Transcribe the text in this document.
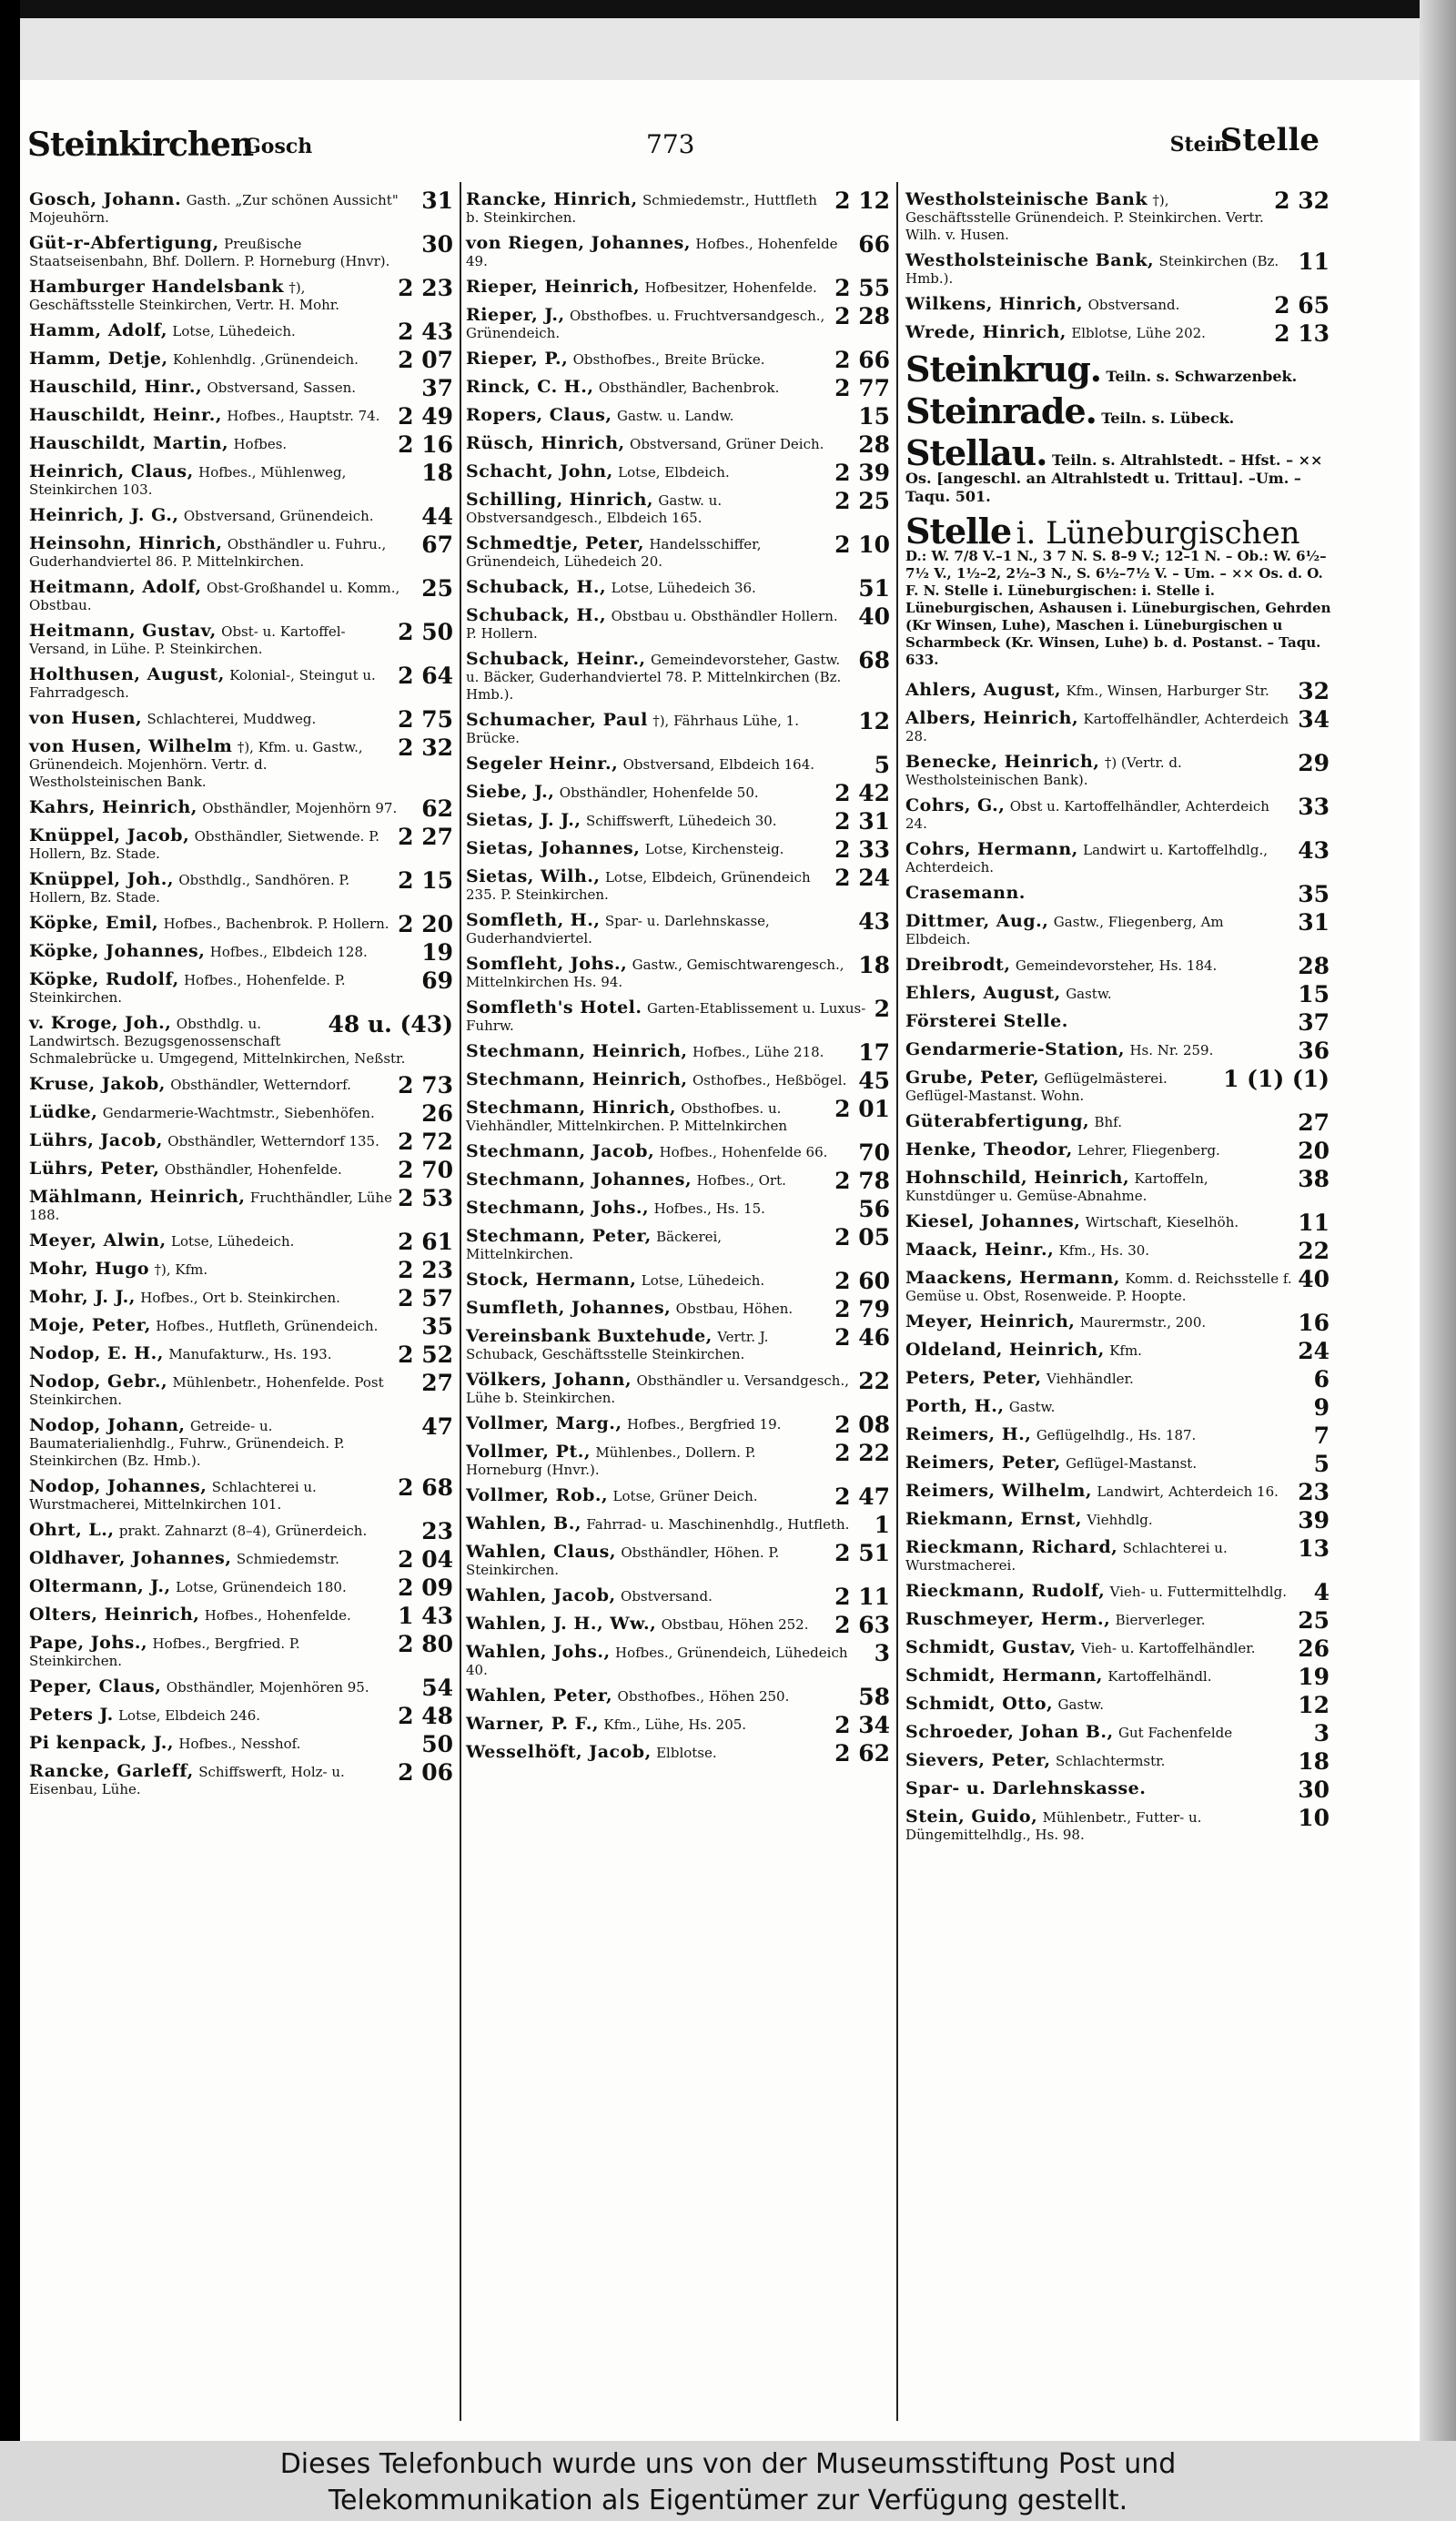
Steinkirchen
Gosch	773	Stein
Stelle
31
Gosch, Johann. Gasth. „Zur schönen Aussicht" Mojeuhörn.
30
Güt-r-Abfertigung, Preußische Staatseisenbahn, Bhf. Dollern. P. Horneburg (Hnvr).
2 23
Hamburger Handelsbank †), Geschäftsstelle Steinkirchen, Vertr. H. Mohr.
2 43
Hamm, Adolf, Lotse, Lühedeich.
2 07
Hamm, Detje, Kohlenhdlg. ,Grünendeich.
37
Hauschild, Hinr., Obstversand, Sassen.
2 49
Hauschildt, Heinr., Hofbes., Hauptstr. 74.
2 16
Hauschildt, Martin, Hofbes.
18
Heinrich, Claus, Hofbes., Mühlenweg, Steinkirchen 103.
44
Heinrich, J. G., Obstversand, Grünendeich.
67
Heinsohn, Hinrich, Obsthändler u. Fuhru., Guderhandviertel 86. P. Mittelnkirchen.
25
Heitmann, Adolf, Obst-Großhandel u. Komm., Obstbau.
2 50
Heitmann, Gustav, Obst- u. Kartoffel-Versand, in Lühe. P. Steinkirchen.
2 64
Holthusen, August, Kolonial-, Steingut u. Fahrradgesch.
2 75
von Husen, Schlachterei, Muddweg.
2 32
von Husen, Wilhelm †), Kfm. u. Gastw., Grünendeich. Mojenhörn. Vertr. d. Westholsteinischen Bank.
62
Kahrs, Heinrich, Obsthändler, Mojenhörn 97.
2 27
Knüppel, Jacob, Obsthändler, Sietwende. P. Hollern, Bz. Stade.
2 15
Knüppel, Joh., Obsthdlg., Sandhören. P. Hollern, Bz. Stade.
2 20
Köpke, Emil, Hofbes., Bachenbrok. P. Hollern.
19
Köpke, Johannes, Hofbes., Elbdeich 128.
69
Köpke, Rudolf, Hofbes., Hohenfelde. P. Steinkirchen.
48 u. (43)
v. Kroge, Joh., Obsthdlg. u. Landwirtsch. Bezugsgenossenschaft Schmalebrücke u. Umgegend, Mittelnkirchen, Neßstr.
2 73
Kruse, Jakob, Obsthändler, Wetterndorf.
26
Lüdke, Gendarmerie-Wachtmstr., Siebenhöfen.
2 72
Lührs, Jacob, Obsthändler, Wetterndorf 135.
2 70
Lührs, Peter, Obsthändler, Hohenfelde.
2 53
Mählmann, Heinrich, Fruchthändler, Lühe 188.
2 61
Meyer, Alwin, Lotse, Lühedeich.
2 23
Mohr, Hugo †), Kfm.
2 57
Mohr, J. J., Hofbes., Ort b. Steinkirchen.
35
Moje, Peter, Hofbes., Hutfleth, Grünendeich.
2 52
Nodop, E. H., Manufakturw., Hs. 193.
27
Nodop, Gebr., Mühlenbetr., Hohenfelde. Post Steinkirchen.
47
Nodop, Johann, Getreide- u. Baumaterialienhdlg., Fuhrw., Grünendeich. P. Steinkirchen (Bz. Hmb.).
2 68
Nodop, Johannes, Schlachterei u. Wurstmacherei, Mittelnkirchen 101.
23
Ohrt, L., prakt. Zahnarzt (8–4), Grünerdeich.
2 04
Oldhaver, Johannes, Schmiedemstr.
2 09
Oltermann, J., Lotse, Grünendeich 180.
1 43
Olters, Heinrich, Hofbes., Hohenfelde.
2 80
Pape, Johs., Hofbes., Bergfried. P. Steinkirchen.
54
Peper, Claus, Obsthändler, Mojenhören 95.
2 48
Peters J. Lotse, Elbdeich 246.
50
Pi kenpack, J., Hofbes., Nesshof.
2 06
Rancke, Garleff, Schiffswerft, Holz- u. Eisenbau, Lühe.
2 12
Rancke, Hinrich, Schmiedemstr., Huttfleth b. Steinkirchen.
66
von Riegen, Johannes, Hofbes., Hohenfelde 49.
2 55
Rieper, Heinrich, Hofbesitzer, Hohenfelde.
2 28
Rieper, J., Obsthofbes. u. Fruchtversandgesch., Grünendeich.
2 66
Rieper, P., Obsthofbes., Breite Brücke.
2 77
Rinck, C. H., Obsthändler, Bachenbrok.
15
Ropers, Claus, Gastw. u. Landw.
28
Rüsch, Hinrich, Obstversand, Grüner Deich.
2 39
Schacht, John, Lotse, Elbdeich.
2 25
Schilling, Hinrich, Gastw. u. Obstversandgesch., Elbdeich 165.
2 10
Schmedtje, Peter, Handelsschiffer, Grünendeich, Lühedeich 20.
51
Schuback, H., Lotse, Lühedeich 36.
40
Schuback, H., Obstbau u. Obsthändler Hollern. P. Hollern.
68
Schuback, Heinr., Gemeindevorsteher, Gastw. u. Bäcker, Guderhandviertel 78. P. Mittelnkirchen (Bz. Hmb.).
12
Schumacher, Paul †), Fährhaus Lühe, 1. Brücke.
5
Segeler Heinr., Obstversand, Elbdeich 164.
2 42
Siebe, J., Obsthändler, Hohenfelde 50.
2 31
Sietas, J. J., Schiffswerft, Lühedeich 30.
2 33
Sietas, Johannes, Lotse, Kirchensteig.
2 24
Sietas, Wilh., Lotse, Elbdeich, Grünendeich 235. P. Steinkirchen.
43
Somfleth, H., Spar- u. Darlehnskasse, Guderhandviertel.
18
Somfleht, Johs., Gastw., Gemischtwarengesch., Mittelnkirchen Hs. 94.
2
Somfleth's Hotel. Garten-Etablissement u. Luxus-Fuhrw.
17
Stechmann, Heinrich, Hofbes., Lühe 218.
45
Stechmann, Heinrich, Osthofbes., Heßbögel.
2 01
Stechmann, Hinrich, Obsthofbes. u. Viehhändler, Mittelnkirchen. P. Mittelnkirchen
70
Stechmann, Jacob, Hofbes., Hohenfelde 66.
2 78
Stechmann, Johannes, Hofbes., Ort.
56
Stechmann, Johs., Hofbes., Hs. 15.
2 05
Stechmann, Peter, Bäckerei, Mittelnkirchen.
2 60
Stock, Hermann, Lotse, Lühedeich.
2 79
Sumfleth, Johannes, Obstbau, Höhen.
2 46
Vereinsbank Buxtehude, Vertr. J. Schuback, Geschäftsstelle Steinkirchen.
22
Völkers, Johann, Obsthändler u. Versandgesch., Lühe b. Steinkirchen.
2 08
Vollmer, Marg., Hofbes., Bergfried 19.
2 22
Vollmer, Pt., Mühlenbes., Dollern. P. Horneburg (Hnvr.).
2 47
Vollmer, Rob., Lotse, Grüner Deich.
1
Wahlen, B., Fahrrad- u. Maschinenhdlg., Hutfleth.
2 51
Wahlen, Claus, Obsthändler, Höhen. P. Steinkirchen.
2 11
Wahlen, Jacob, Obstversand.
2 63
Wahlen, J. H., Ww., Obstbau, Höhen 252.
3
Wahlen, Johs., Hofbes., Grünendeich, Lühedeich 40.
58
Wahlen, Peter, Obsthofbes., Höhen 250.
2 34
Warner, P. F., Kfm., Lühe, Hs. 205.
2 62
Wesselhöft, Jacob, Elblotse.
2 32
Westholsteinische Bank †), Geschäftsstelle Grünendeich. P. Steinkirchen. Vertr. Wilh. v. Husen.
11
Westholsteinische Bank, Steinkirchen (Bz. Hmb.).
2 65
Wilkens, Hinrich, Obstversand.
2 13
Wrede, Hinrich, Elblotse, Lühe 202.
Steinkrug. Teiln. s. Schwarzenbek.
Steinrade. Teiln. s. Lübeck.
Stellau. Teiln. s. Altrahlstedt. – Hfst. – ×× Os. [angeschl. an Altrahlstedt u. Trittau]. –Um. – Taqu. 501.
Stelle i. Lüneburgischen
D.: W. 7/8 V.–1 N., 3 7 N. S. 8–9 V.; 12–1 N. – Ob.: W. 6½–7½ V., 1½–2, 2½–3 N., S. 6½–7½ V. – Um. – ×× Os. d. O. F. N. Stelle i. Lüneburgischen: i. Stelle i. Lüneburgischen, Ashausen i. Lüneburgischen, Gehrden (Kr Winsen, Luhe), Maschen i. Lüneburgischen u Scharmbeck (Kr. Winsen, Luhe) b. d. Postanst. – Taqu. 633.
32
Ahlers, August, Kfm., Winsen, Harburger Str.
34
Albers, Heinrich, Kartoffelhändler, Achterdeich 28.
29
Benecke, Heinrich, †) (Vertr. d. Westholsteinischen Bank).
33
Cohrs, G., Obst u. Kartoffelhändler, Achterdeich 24.
43
Cohrs, Hermann, Landwirt u. Kartoffelhdlg., Achterdeich.
35
Crasemann.
31
Dittmer, Aug., Gastw., Fliegenberg, Am Elbdeich.
28
Dreibrodt, Gemeindevorsteher, Hs. 184.
15
Ehlers, August, Gastw.
37
Försterei Stelle.
36
Gendarmerie-Station, Hs. Nr. 259.
1 (1) (1)
Grube, Peter, Geflügelmästerei. Geflügel-Mastanst. Wohn.
27
Güterabfertigung, Bhf.
20
Henke, Theodor, Lehrer, Fliegenberg.
38
Hohnschild, Heinrich, Kartoffeln, Kunstdünger u. Gemüse-Abnahme.
11
Kiesel, Johannes, Wirtschaft, Kieselhöh.
22
Maack, Heinr., Kfm., Hs. 30.
40
Maackens, Hermann, Komm. d. Reichsstelle f. Gemüse u. Obst, Rosenweide. P. Hoopte.
16
Meyer, Heinrich, Maurermstr., 200.
24
Oldeland, Heinrich, Kfm.
6
Peters, Peter, Viehhändler.
9
Porth, H., Gastw.
7
Reimers, H., Geflügelhdlg., Hs. 187.
5
Reimers, Peter, Geflügel-Mastanst.
23
Reimers, Wilhelm, Landwirt, Achterdeich 16.
39
Riekmann, Ernst, Viehhdlg.
13
Rieckmann, Richard, Schlachterei u. Wurstmacherei.
4
Rieckmann, Rudolf, Vieh- u. Futtermittelhdlg.
25
Ruschmeyer, Herm., Bierverleger.
26
Schmidt, Gustav, Vieh- u. Kartoffelhändler.
19
Schmidt, Hermann, Kartoffelhändl.
12
Schmidt, Otto, Gastw.
3
Schroeder, Johan B., Gut Fachenfelde
18
Sievers, Peter, Schlachtermstr.
30
Spar- u. Darlehnskasse.
10
Stein, Guido, Mühlenbetr., Futter- u. Düngemittelhdlg., Hs. 98.
Dieses Telefonbuch wurde uns von der Museumsstiftung Post und
Telekommunikation als Eigentümer zur Verfügung gestellt.
